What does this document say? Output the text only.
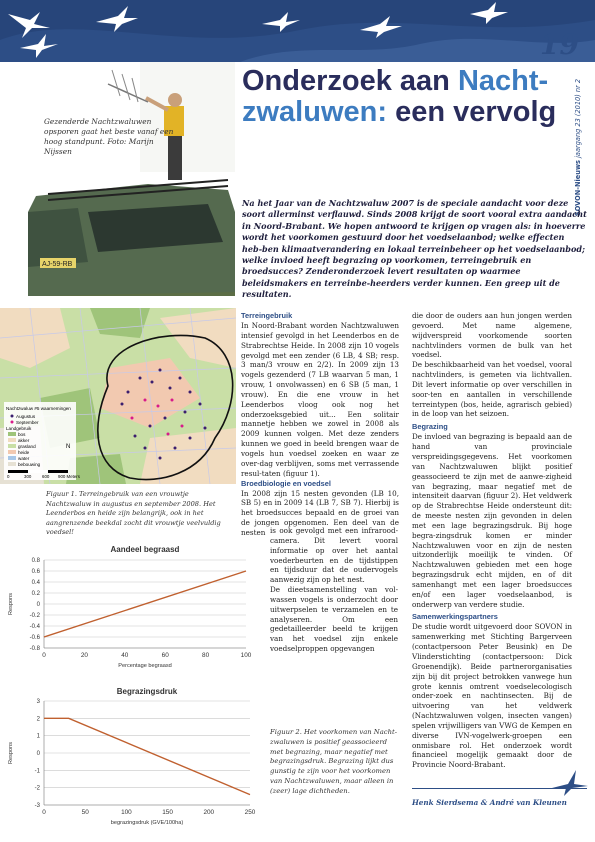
19
SOVON-Nieuws jaargang 23 (2010) nr 2
Onderzoek aan Nacht-
zwaluwen: een vervolg
AJ-59-RB
Gezenderde Nachtzwaluwen opsporen gaat het beste vanaf een hoog standpunt. Foto: Marijn Nijssen
Na het Jaar van de Nachtzwaluw 2007 is de speciale aandacht voor deze soort allerminst verflauwd. Sinds 2008 krijgt de soort vooral extra aandacht in Noord-Brabant. We hopen antwoord te krijgen op vragen als: in hoeverre wordt het voorkomen gestuurd door het voedselaanbod; welke effecten heb-ben klimaatverandering en lokaal terreinbeheer op het voedselaanbod; welke invloed heeft begrazing op voorkomen, terreingebruik en broedsucces? Zenderonderzoek levert resultaten op waarmee beleidsmakers en terreinbe-heerders verder kunnen. Een greep uit de resultaten.
Nachtzwaluw #5 waarnemingen
Augustus
September
Landgebruik
bos
akker
grasland
heide
water
bebouwing
N
0	300 600 900 Meters
Figuur 1. Terreingebruik van een vrouwtje Nachtzwaluw in augustus en september 2008. Het Leenderbos en heide zijn belangrijk, ook in het aangrenzende beekdal zocht dit vrouwtje veelvuldig voedsel!
Terreingebruik

In Noord-Brabant worden Nachtzwaluwen intensief gevolgd in het Leenderbos en de Strabrechtse Heide. In 2008 zijn 10 vogels gevolgd met een zender (6 LB, 4 SB; resp. 3 man/3 vrouw en 2/2). In 2009 zijn 13 vogels gezenderd (7 LB waarvan 5 man, 1 vrouw, 1 onvolwassen) en 6 SB (5 man, 1 vrouw). En die ene vrouw in het Leenderbos vloog ook nog het onderzoeksgebied uit... Een solitair mannetje hebben we zowel in 2008 als 2009 kunnen volgen. Met deze zenders kunnen we goed in beeld brengen waar de vogels hun voedsel zoeken en waar ze over-dag verblijven, soms met verrassende resul-taten (figuur 1).

Broedbiologie en voedsel

In 2008 zijn 15 nesten gevonden (LB 10, SB 5) en in 2009 14 (LB 7, SB 7). Hierbij is het broedsucces bepaald en de groei van de jongen opgenomen. Een deel van de nesten is ook gevolgd met een infrarood-camera. Dit levert vooral informatie op over het aantal voederbeurten en de tijdstippen en tijdsduur dat de oudervogels aanwezig zijn op het nest.

De dieetsamenstelling van vol-wassen vogels is onderzocht door uitwerpselen te verzamelen en te analyseren. Om een gedetailleerder beeld te krijgen van het voedsel zijn enkele voedselproppen opgevangen

die door de ouders aan hun jongen werden gevoerd. Met name algemene, wijdverspreid voorkomende soorten nachtvlinders vormen de bulk van het voedsel.

De beschikbaarheid van het voedsel, vooral nachtvlinders, is gemeten via lichtvallen. Dit levert informatie op over verschillen in soor-ten en aantallen in verschillende terreintypen (bos, heide, agrarisch gebied) in de loop van het seizoen.

Begrazing

De invloed van begrazing is bepaald aan de hand van provinciale verspreidingsgegevens. Het voorkomen van Nachtzwaluwen blijkt positief geassocieerd te zijn met de aanwe-zigheid van begrazing, maar negatief met de intensiteit daarvan (figuur 2). Het veldwerk op de Strabrechtse Heide ondersteunt dit: de meeste nesten zijn gevonden in delen met een lage begrazingsdruk. Bij hoge begra-zingsdruk komen er minder Nachtzwaluwen voor en zijn de nesten uitzonderlijk moeilijk te vinden. Of Nachtzwaluwen gebieden met een hoge begrazingsdruk echt mijden, en of dit samenhangt met een lager broedsucces en/of een lager voedselaanbod, is onderwerp van verdere studie.

Samenwerkingspartners

De studie wordt uitgevoerd door SOVON in samenwerking met Stichting Bargerveen (contactpersoon Peter Beusink) en De Vlinderstichting (contactpersoon: Dick Groenendijk). Beide partnerorganisaties zijn bij dit project betrokken vanwege hun grote kennis omtrent voedselecologisch onder-zoek en nachtinsecten. Bij de uitvoering van het veldwerk (Nachtzwaluwen volgen, insecten vangen) spelen vrijwilligers van VWG de Kempen en diverse IVN-vogelwerk-groepen een onmisbare rol. Het onderzoek wordt financieel mogelijk gemaakt door de Provincie Noord-Brabant.

Aandeel begraasd
0.8
0.6
0.4
0.2
0
-0.2
-0.4
-0.6
-0.8
0	20	40	60	80	100
Percentage begraasd
Respons
Begrazingsdruk
3
2
1
0
-1
-2
-3
0	50	100	150	200	250
begrazingsdruk (GVE/100ha)
Respons
Figuur 2. Het voorkomen van Nacht-zwaluwen is positief geassocieerd met begrazing, maar negatief met begrazingsdruk. Begrazing lijkt dus gunstig te zijn voor het voorkomen van Nachtzwaluwen, maar alleen in (zeer) lage dichtheden.
Henk Sierdsema & André van Kleunen
